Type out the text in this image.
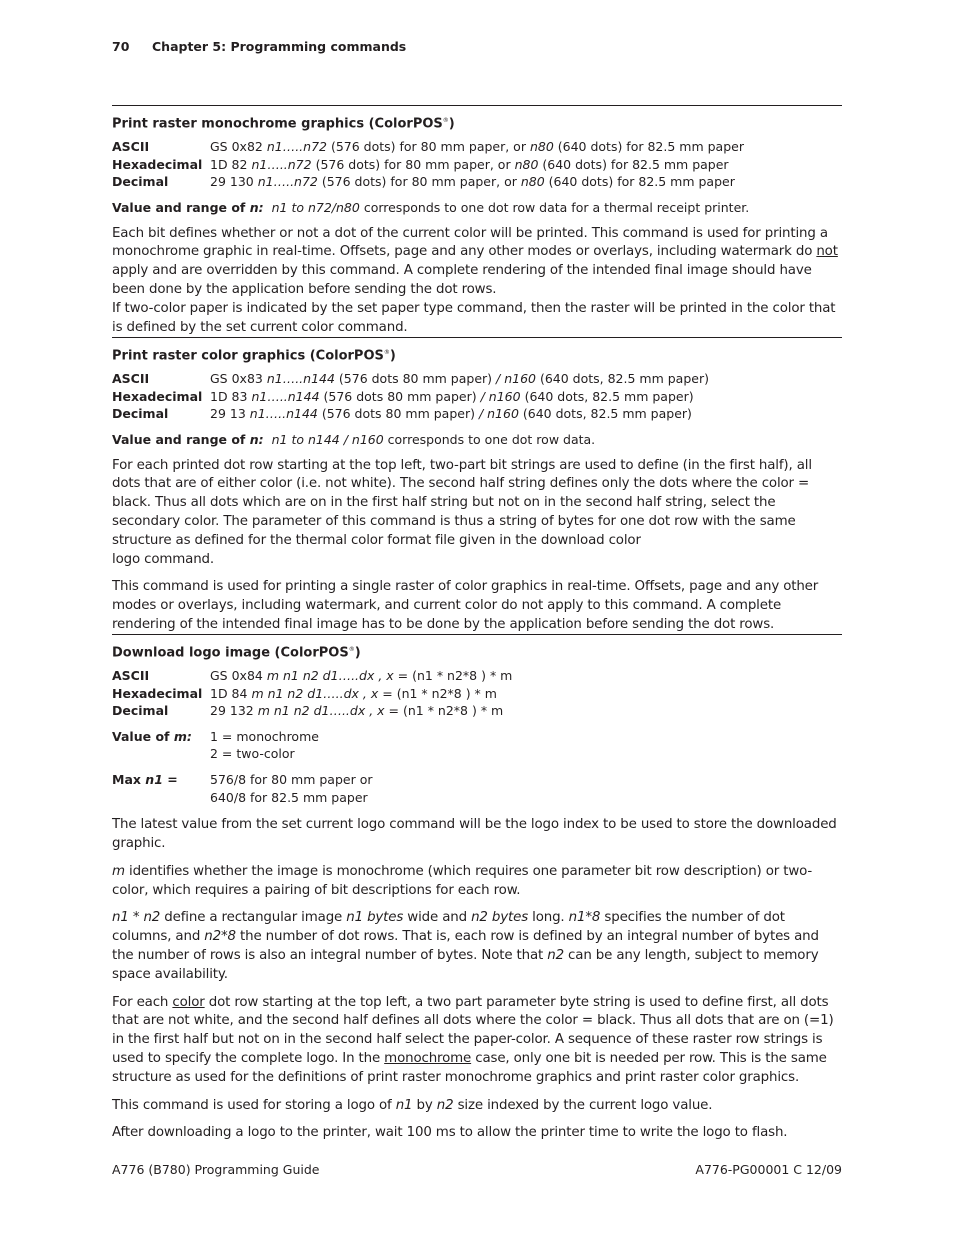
70 Chapter 5: Programming commands
Print raster monochrome graphics (ColorPOS®)
ASCII	GS 0x82 n1…..n72 (576 dots) for 80 mm paper, or n80 (640 dots) for 82.5 mm paper
Hexadecimal 1D 82 n1…..n72 (576 dots) for 80 mm paper, or n80 (640 dots) for 82.5 mm paper
Decimal	29 130 n1…..n72 (576 dots) for 80 mm paper, or n80 (640 dots) for 82.5 mm paper
Value and range of n: n1 to n72/n80 corresponds to one dot row data for a thermal receipt printer.

Each bit defines whether or not a dot of the current color will be printed. This command is used for printing a monochrome graphic in real-time. Offsets, page and any other modes or overlays, including watermark do not apply and are overridden by this command. A complete rendering of the intended final image should have been done by the application before sending the dot rows.

If two-color paper is indicated by the set paper type command, then the raster will be printed in the color that is defined by the set current color command.

Print raster color graphics (ColorPOS®)
ASCII	GS 0x83 n1…..n144 (576 dots 80 mm paper) / n160 (640 dots, 82.5 mm paper)
Hexadecimal 1D 83 n1…..n144 (576 dots 80 mm paper) / n160 (640 dots, 82.5 mm paper)
Decimal	29 13 n1…..n144 (576 dots 80 mm paper) / n160 (640 dots, 82.5 mm paper)
Value and range of n: n1 to n144 / n160 corresponds to one dot row data.

For each printed dot row starting at the top left, two-part bit strings are used to define (in the first half), all dots that are of either color (i.e. not white). The second half string defines only the dots where the color = black. Thus all dots which are on in the first half string but not on in the second half string, select the secondary color. The parameter of this command is thus a string of bytes for one dot row with the same structure as defined for the thermal color format file given in the download color

logo command.

This command is used for printing a single raster of color graphics in real-time. Offsets, page and any other modes or overlays, including watermark, and current color do not apply to this command. A complete rendering of the intended final image has to be done by the application before sending the dot rows.

Download logo image (ColorPOS®)
ASCII	GS 0x84 m n1 n2 d1…..dx , x = (n1 * n2*8 ) * m
Hexadecimal 1D 84 m n1 n2 d1…..dx , x = (n1 * n2*8 ) * m
Decimal	29 132 m n1 n2 d1…..dx , x = (n1 * n2*8 ) * m
Value of m:	1 = monochrome
2 = two-color
Max n1 =	576/8 for 80 mm paper or
640/8 for 82.5 mm paper

The latest value from the set current logo command will be the logo index to be used to store the downloaded graphic.

m identifies whether the image is monochrome (which requires one parameter bit row description) or two-color, which requires a pairing of bit descriptions for each row.

n1 * n2 define a rectangular image n1 bytes wide and n2 bytes long. n1*8 specifies the number of dot columns, and n2*8 the number of dot rows. That is, each row is defined by an integral number of bytes and the number of rows is also an integral number of bytes. Note that n2 can be any length, subject to memory space availability.

For each color dot row starting at the top left, a two part parameter byte string is used to define first, all dots that are not white, and the second half defines all dots where the color = black. Thus all dots that are on (=1) in the first half but not on in the second half select the paper-color. A sequence of these raster row strings is used to specify the complete logo. In the monochrome case, only one bit is needed per row. This is the same structure as used for the definitions of print raster monochrome graphics and print raster color graphics.

This command is used for storing a logo of n1 by n2 size indexed by the current logo value.

After downloading a logo to the printer, wait 100 ms to allow the printer time to write the logo to flash.

A776 (B780) Programming Guide	A776-PG00001 C 12/09
